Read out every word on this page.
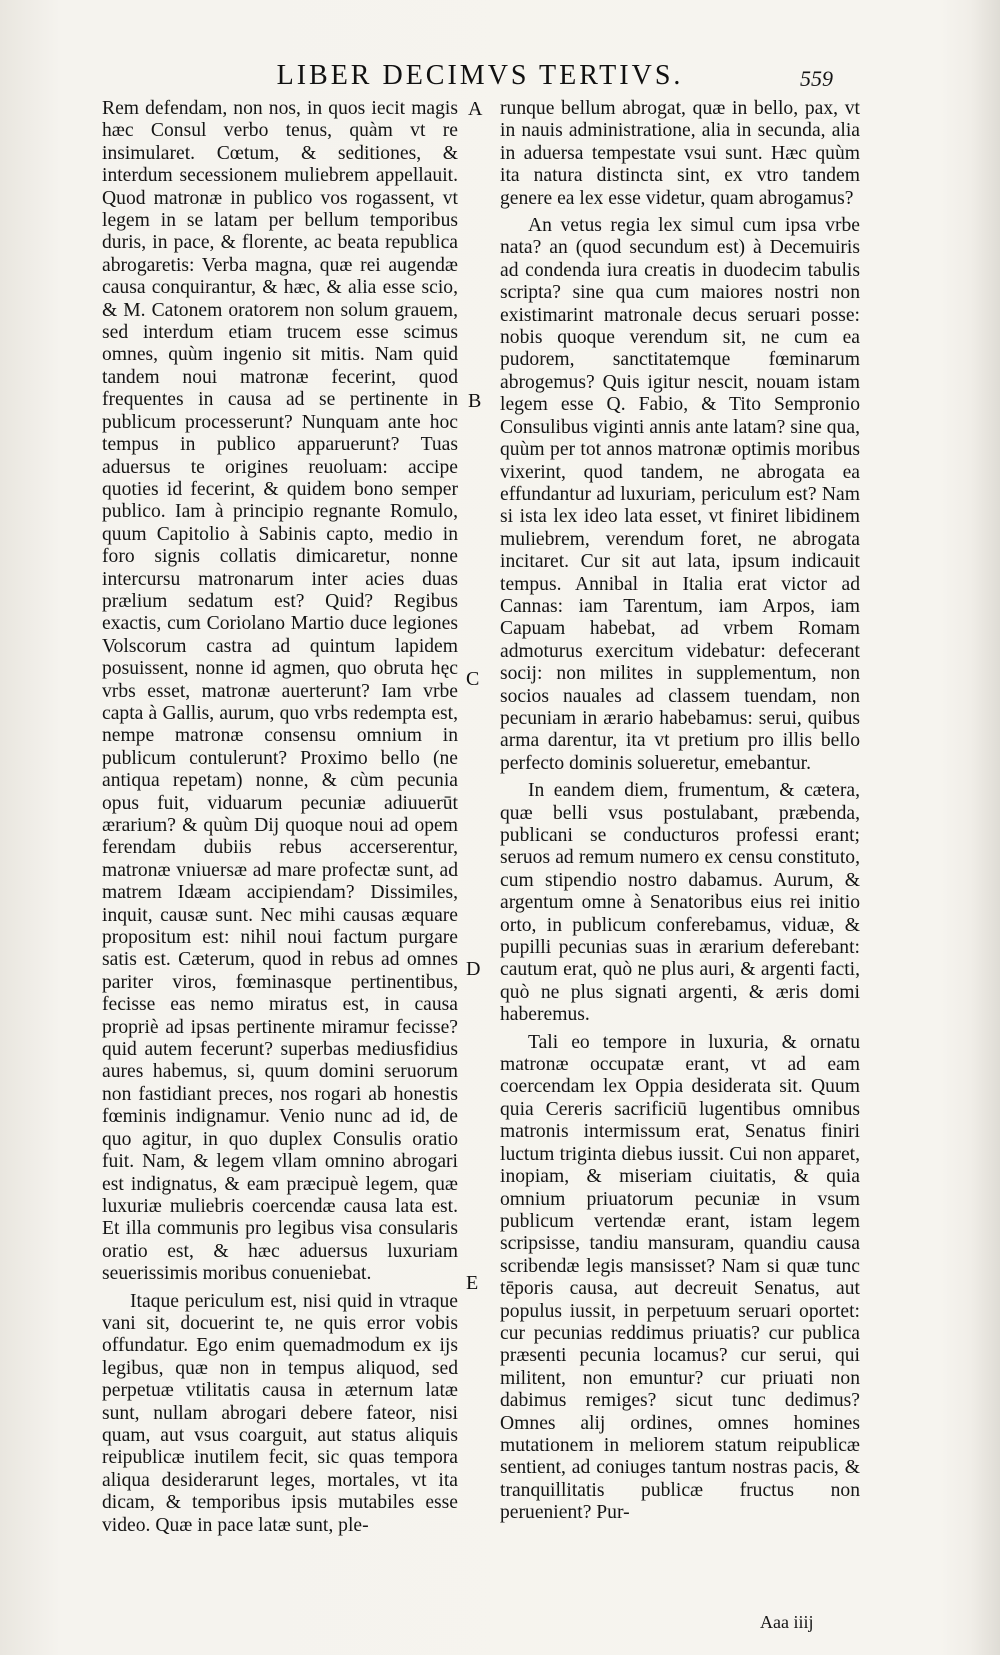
LIBER DECIMVS TERTIVS.	559

Rem defendam, non nos, in quos iecit magis hæc Consul verbo tenus, quàm vt re insimularet. Cœtum, & seditiones, & interdum secessionem muliebrem appellauit. Quod matronæ in publico vos rogassent, vt legem in se latam per bellum temporibus duris, in pace, & florente, ac beata republica abrogaretis: Verba magna, quæ rei augendæ causa conquirantur, & hæc, & alia esse scio, & M. Catonem oratorem non solum grauem, sed interdum etiam trucem esse scimus omnes, quùm ingenio sit mitis. Nam quid tandem noui matronæ fecerint, quod frequentes in causa ad se pertinente in publicum processerunt? Nunquam ante hoc tempus in publico apparuerunt? Tuas aduersus te origines reuoluam: accipe quoties id fecerint, & quidem bono semper publico. Iam à principio regnante Romulo, quum Capitolio à Sabinis capto, medio in foro signis collatis dimicaretur, nonne intercursu matronarum inter acies duas prælium sedatum est? Quid? Regibus exactis, cum Coriolano Martio duce legiones Volscorum castra ad quintum lapidem posuissent, nonne id agmen, quo obruta hęc vrbs esset, matronæ auerterunt? Iam vrbe capta à Gallis, aurum, quo vrbs redempta est, nempe matronæ consensu omnium in publicum contulerunt? Proximo bello (ne antiqua repetam) nonne, & cùm pecunia opus fuit, viduarum pecuniæ adiuuerūt ærarium? & quùm Dij quoque noui ad opem ferendam dubiis rebus accerserentur, matronæ vniuersæ ad mare profectæ sunt, ad matrem Idæam accipiendam? Dissimiles, inquit, causæ sunt. Nec mihi causas æquare propositum est: nihil noui factum purgare satis est. Cæterum, quod in rebus ad omnes pariter viros, fœminasque pertinentibus, fecisse eas nemo miratus est, in causa propriè ad ipsas pertinente miramur fecisse? quid autem fecerunt? superbas mediusfidius aures habemus, si, quum domini seruorum non fastidiant preces, nos rogari ab honestis fœminis indignamur. Venio nunc ad id, de quo agitur, in quo duplex Consulis oratio fuit. Nam, & legem vllam omnino abrogari est indignatus, & eam præcipuè legem, quæ luxuriæ muliebris coercendæ causa lata est. Et illa communis pro legibus visa consularis oratio est, & hæc aduersus luxuriam seuerissimis moribus conueniebat.

Itaque periculum est, nisi quid in vtraque vani sit, docuerint te, ne quis error vobis offundatur. Ego enim quemadmodum ex ijs legibus, quæ non in tempus aliquod, sed perpetuæ vtilitatis causa in æternum latæ sunt, nullam abrogari debere fateor, nisi quam, aut vsus coarguit, aut status aliquis reipublicæ inutilem fecit, sic quas tempora aliqua desiderarunt leges, mortales, vt ita dicam, & temporibus ipsis mutabiles esse video. Quæ in pace latæ sunt, ple-

A
B
C
D
E

runque bellum abrogat, quæ in bello, pax, vt in nauis administratione, alia in secunda, alia in aduersa tempestate vsui sunt. Hæc quùm ita natura distincta sint, ex vtro tandem genere ea lex esse videtur, quam abrogamus?

An vetus regia lex simul cum ipsa vrbe nata? an (quod secundum est) à Decemuiris ad condenda iura creatis in duodecim tabulis scripta? sine qua cum maiores nostri non existimarint matronale decus seruari posse: nobis quoque verendum sit, ne cum ea pudorem, sanctitatemque fœminarum abrogemus? Quis igitur nescit, nouam istam legem esse Q. Fabio, & Tito Sempronio Consulibus viginti annis ante latam? sine qua, quùm per tot annos matronæ optimis moribus vixerint, quod tandem, ne abrogata ea effundantur ad luxuriam, periculum est? Nam si ista lex ideo lata esset, vt finiret libidinem muliebrem, verendum foret, ne abrogata incitaret. Cur sit aut lata, ipsum indicauit tempus. Annibal in Italia erat victor ad Cannas: iam Tarentum, iam Arpos, iam Capuam habebat, ad vrbem Romam admoturus exercitum videbatur: defecerant socij: non milites in supplementum, non socios nauales ad classem tuendam, non pecuniam in ærario habebamus: serui, quibus arma darentur, ita vt pretium pro illis bello perfecto dominis solueretur, emebantur.

In eandem diem, frumentum, & cætera, quæ belli vsus postulabant, præbenda, publicani se conducturos professi erant; seruos ad remum numero ex censu constituto, cum stipendio nostro dabamus. Aurum, & argentum omne à Senatoribus eius rei initio orto, in publicum conferebamus, viduæ, & pupilli pecunias suas in ærarium deferebant: cautum erat, quò ne plus auri, & argenti facti, quò ne plus signati argenti, & æris domi haberemus.

Tali eo tempore in luxuria, & ornatu matronæ occupatæ erant, vt ad eam coercendam lex Oppia desiderata sit. Quum quia Cereris sacrificiū lugentibus omnibus matronis intermissum erat, Senatus finiri luctum triginta diebus iussit. Cui non apparet, inopiam, & miseriam ciuitatis, & quia omnium priuatorum pecuniæ in vsum publicum vertendæ erant, istam legem scripsisse, tandiu mansuram, quandiu causa scribendæ legis mansisset? Nam si quæ tunc tēporis causa, aut decreuit Senatus, aut populus iussit, in perpetuum seruari oportet: cur pecunias reddimus priuatis? cur publica præsenti pecunia locamus? cur serui, qui militent, non emuntur? cur priuati non dabimus remiges? sicut tunc dedimus? Omnes alij ordines, omnes homines mutationem in meliorem statum reipublicæ sentient, ad coniuges tantum nostras pacis, & tranquillitatis publicæ fructus non peruenient? Pur-

Aaa iiij
